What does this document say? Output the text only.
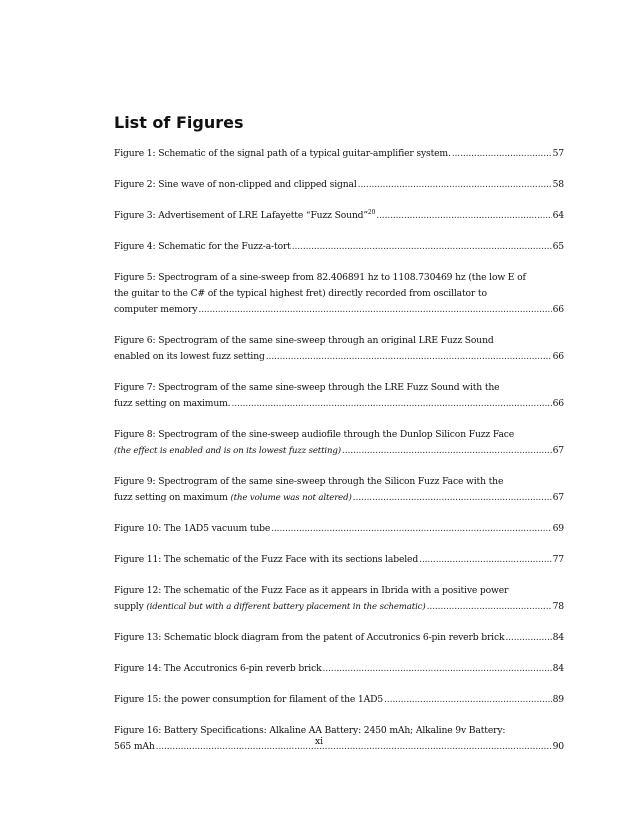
List of Figures
Figure 1: Schematic of the signal path of a typical guitar-amplifier system. .....	57
Figure 2: Sine wave of non-clipped and clipped signal .....	58
Figure 3: Advertisement of LRE Lafayette “Fuzz Sound”$^{20}$ .....	64
Figure 4: Schematic for the Fuzz-a-tort .....	65
Figure 5: Spectrogram of a sine-sweep from 82.406891 hz to 1108.730469 hz (the low E of
the guitar to the C# of the typical highest fret) directly recorded from oscillator to
computer memory .....	66
Figure 6: Spectrogram of the same sine-sweep through an original LRE Fuzz Sound
enabled on its lowest fuzz setting .....	66
Figure 7: Spectrogram of the same sine-sweep through the LRE Fuzz Sound with the
fuzz setting on maximum. .....	66
Figure 8: Spectrogram of the sine-sweep audiofile through the Dunlop Silicon Fuzz Face
(the effect is enabled and is on its lowest fuzz setting) .....	67
Figure 9: Spectrogram of the same sine-sweep through the Silicon Fuzz Face with the
fuzz setting on maximum (the volume was not altered) .....	67
Figure 10: The 1AD5 vacuum tube .....	69
Figure 11: The schematic of the Fuzz Face with its sections labeled .....	77
Figure 12: The schematic of the Fuzz Face as it appears in Ibrida with a positive power
supply (identical but with a different battery placement in the schematic) .....	78
Figure 13: Schematic block diagram from the patent of Accutronics 6-pin reverb brick .....	84
Figure 14: The Accutronics 6-pin reverb brick .....	84
Figure 15: the power consumption for filament of the 1AD5 .....	89
Figure 16: Battery Specifications: Alkaline AA Battery: 2450 mAh; Alkaline 9v Battery:
565 mAh .....	90
xi
